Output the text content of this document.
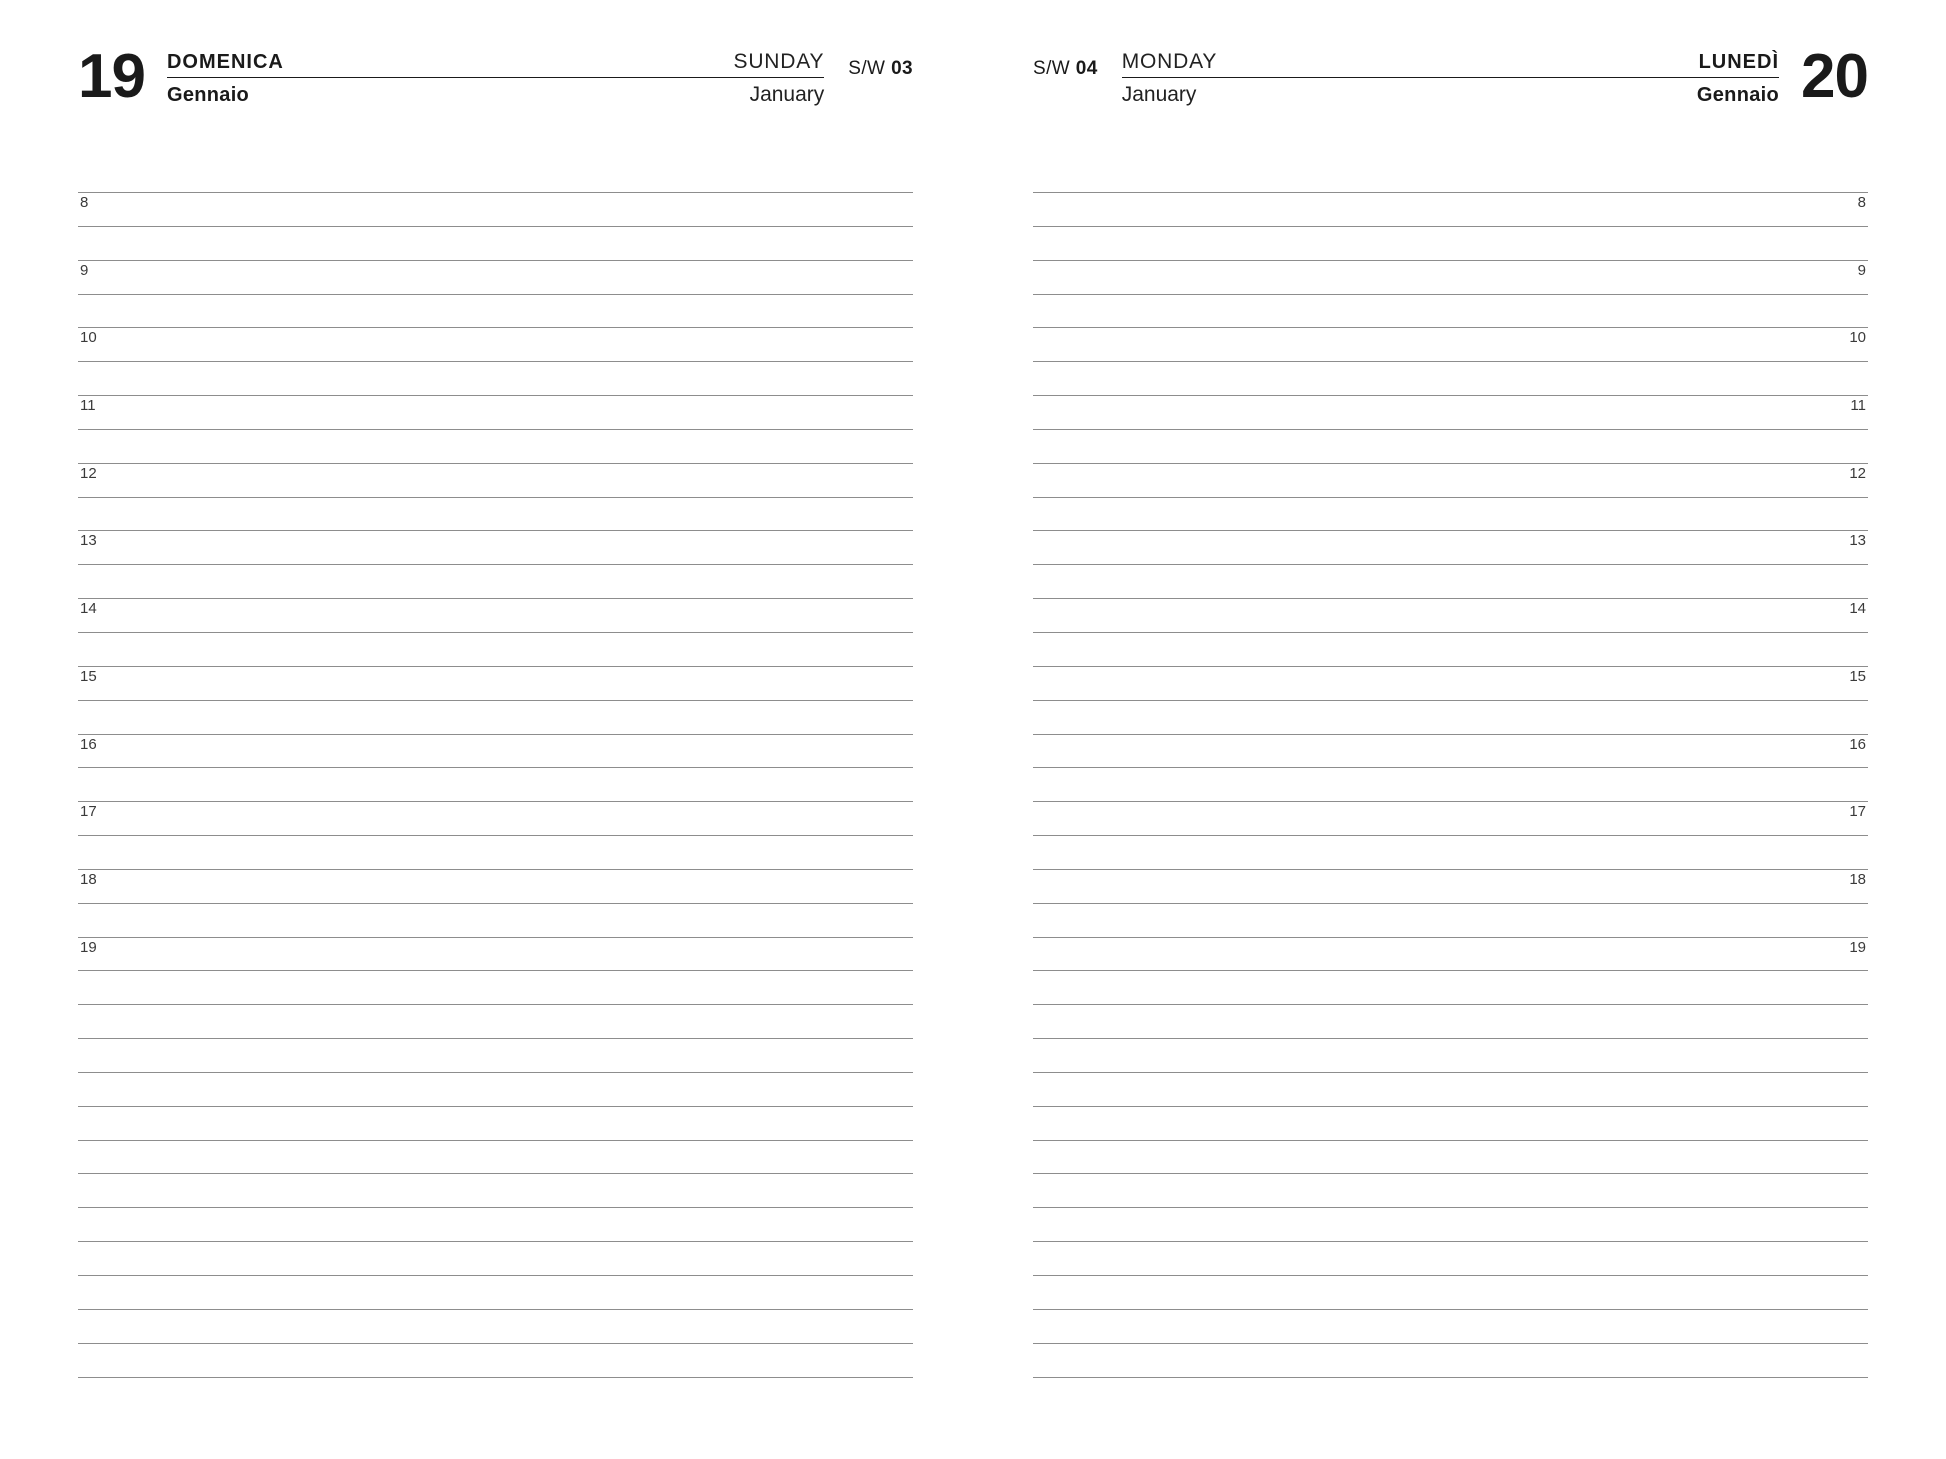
19 DOMENICA	SUNDAY
Gennaio	January
S/W 03
8
9
10
11
12
13
14
15
16
17
18
19
S/W 04 MONDAY	LUNEDÌ
January	Gennaio 20
8
9
10
11
12
13
14
15
16
17
18
19
